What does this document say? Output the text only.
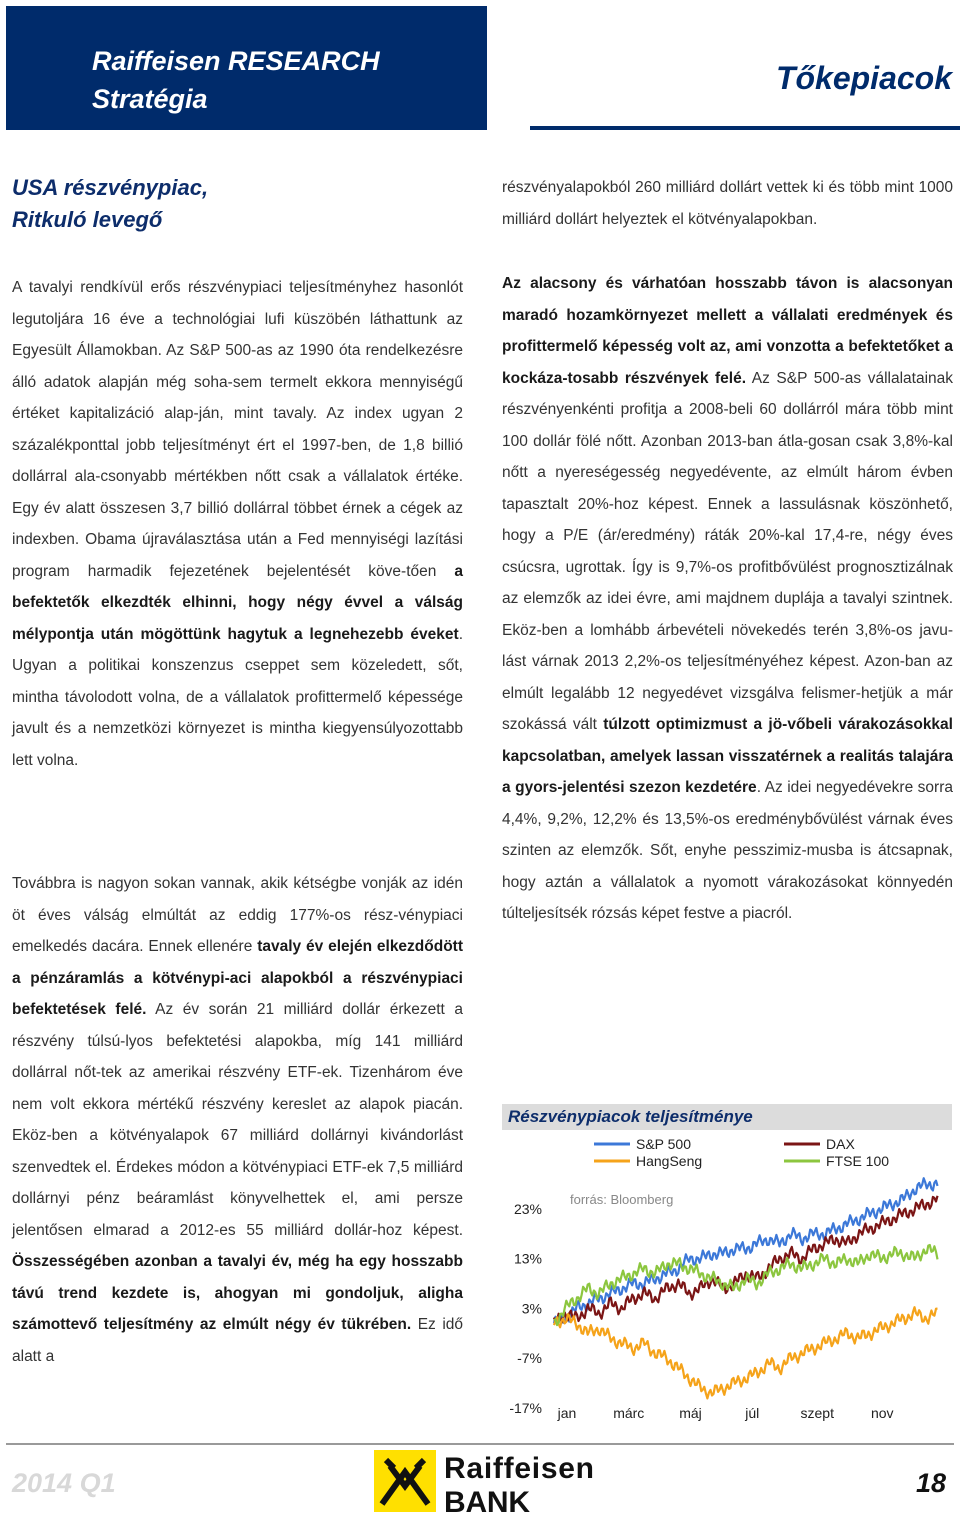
Raiffeisen RESEARCH
Stratégia
Tőkepiacok
USA részvénypiac,
Ritkuló levegő

A tavalyi rendkívül erős részvénypiaci teljesítményhez hasonlót legutoljára 16 éve a technológiai lufi küszöbén láthattunk az Egyesült Államokban. Az S&P 500-as az 1990 óta rendelkezésre álló adatok alapján még soha-sem termelt ekkora mennyiségű értéket kapitalizáció alap-ján, mint tavaly. Az index ugyan 2 százalékponttal jobb teljesítményt ért el 1997-ben, de 1,8 billió dollárral ala-csonyabb mértékben nőtt csak a vállalatok értéke. Egy év alatt összesen 3,7 billió dollárral többet érnek a cégek az indexben. Obama újraválasztása után a Fed mennyiségi lazítási program harmadik fejezetének bejelentését köve-tően a befektetők elkezdték elhinni, hogy négy évvel a válság mélypontja után mögöttünk hagytuk a legnehezebb éveket. Ugyan a politikai konszenzus cseppet sem közeledett, sőt, mintha távolodott volna, de a vállalatok profittermelő képessége javult és a nemzetközi környezet is mintha kiegyensúlyozottabb lett volna.

Továbbra is nagyon sokan vannak, akik kétségbe vonják az idén öt éves válság elmúltát az eddig 177%-os rész-vénypiaci emelkedés dacára. Ennek ellenére tavaly év elején elkezdődött a pénzáramlás a kötvénypi-aci alapokból a részvénypiaci befektetések felé. Az év során 21 milliárd dollár érkezett a részvény túlsú-lyos befektetési alapokba, míg 141 milliárd dollárral nőt-tek az amerikai részvény ETF-ek. Tizenhárom éve nem volt ekkora mértékű részvény kereslet az alapok piacán. Eköz-ben a kötvényalapok 67 milliárd dollárnyi kivándorlást szenvedtek el. Érdekes módon a kötvénypiaci ETF-ek 7,5 milliárd dollárnyi pénz beáramlást könyvelhettek el, ami persze jelentősen elmarad a 2012-es 55 milliárd dollár-hoz képest. Összességében azonban a tavalyi év, még ha egy hosszabb távú trend kezdete is, ahogyan mi gondoljuk, aligha számottevő teljesítmény az elmúlt négy év tükrében. Ez idő alatt a

részvényalapokból 260 milliárd dollárt vettek ki és több mint 1000 milliárd dollárt helyeztek el kötvényalapokban.

Az alacsony és várhatóan hosszabb távon is alacsonyan maradó hozamkörnyezet mellett a vállalati eredmények és profittermelő képesség volt az, ami vonzotta a befektetőket a kockáza-tosabb részvények felé. Az S&P 500-as vállalatainak részvényenkénti profitja a 2008-beli 60 dollárról mára több mint 100 dollár fölé nőtt. Azonban 2013-ban átla-gosan csak 3,8%-kal nőtt a nyereségesség negyedévente, az elmúlt három évben tapasztalt 20%-hoz képest. Ennek a lassulásnak köszönhető, hogy a P/E (ár/eredmény) ráták 20%-kal 17,4-re, négy éves csúcsra, ugrottak. Így is 9,7%-os profitbővülést prognosztizálnak az elemzők az idei évre, ami majdnem duplája a tavalyi szintnek. Eköz-ben a lomhább árbevételi növekedés terén 3,8%-os javu-lást várnak 2013 2,2%-os teljesítményéhez képest. Azon-ban az elmúlt legalább 12 negyedévet vizsgálva felismer-hetjük a már szokássá vált túlzott optimizmust a jö-vőbeli várakozásokkal kapcsolatban, amelyek lassan visszatérnek a realitás talajára a gyors-jelentési szezon kezdetére. Az idei negyedévekre sorra 4,4%, 9,2%, 12,2% és 13,5%-os eredménybővülést várnak éves szinten az elemzők. Sőt, enyhe pesszimiz-musba is átcsapnak, hogy aztán a vállalatok a nyomott várakozásokat könnyedén túlteljesítsék rózsás képet festve a piacról.

Részvénypiacok teljesítménye
S&P 500	DAX
HangSeng	FTSE 100
forrás: Bloomberg
23%
13%
3%
-7%
-17% jan	márc máj	júl	szept	nov
2014 Q1	Raiffeisen
BANK
18
